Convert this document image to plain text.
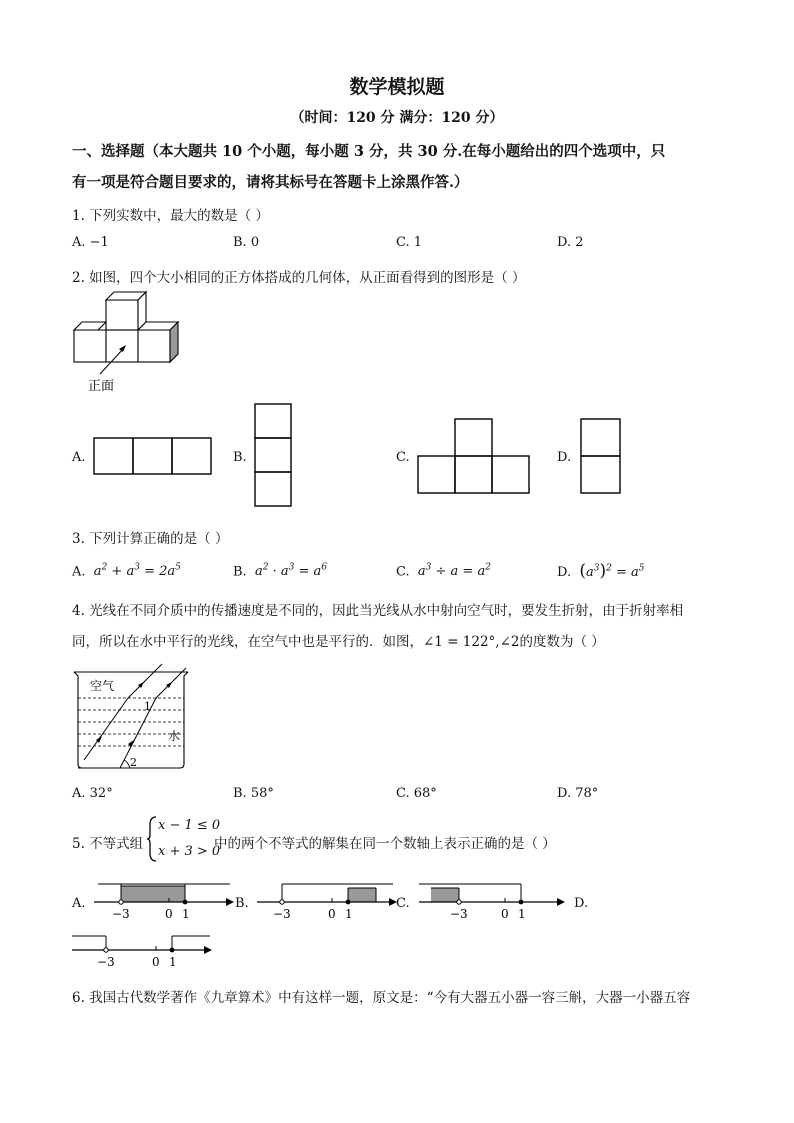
数学模拟题
（时间：120 分 满分：120 分）
一、选择题（本大题共 10 个小题，每小题 3 分，共 30 分.在每小题给出的四个选项中，只
有一项是符合题目要求的，请将其标号在答题卡上涂黑作答.）
1. 下列实数中，最大的数是（ ）
A. −1	B. 0	C. 1	D. 2
2. 如图，四个大小相同的正方体搭成的几何体，从正面看得到的图形是（ ）
正面
A.	B.	C.	D.
3. 下列计算正确的是（ ）
A. $a^2 + a^3 = 2a^5$	B. $a^2 \cdot a^3 = a^6$	C. $a^3 \div a = a^2$	D. $(a^3)^2 = a^5$
4. 光线在不同介质中的传播速度是不同的，因此当光线从水中射向空气时，要发生折射，由于折射率相
同，所以在水中平行的光线，在空气中也是平行的．如图，∠1 = 122°,∠2的度数为（ ）
空气
水
1
2
A. 32°	B. 58°	C. 68°	D. 78°
5. 不等式组
x − 1 ≤ 0
x + 3 > 0
中的两个不等式的解集在同一个数轴上表示正确的是（ ）
A.
−3	0 1
B.
−3	0 1
C.
−3	0 1
D.
−3	0 1
6. 我国古代数学著作《九章算术》中有这样一题，原文是：“今有大器五小器一容三斛，大器一小器五容
